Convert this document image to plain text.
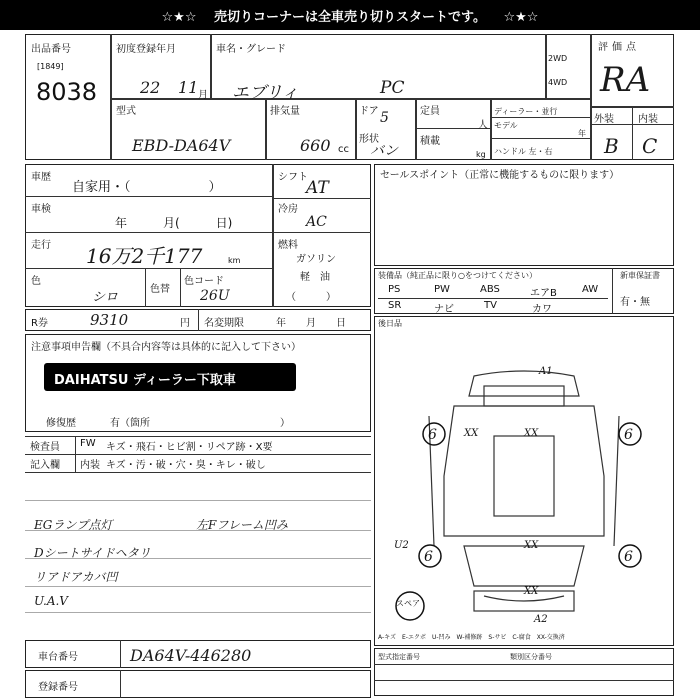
☆★☆　 売切りコーナーは全車売り切りスタートです。 　☆★☆
出品番号
[1849]
8038
初度登録年月
22 11 月
車名・グレード
エブリィ	PC
2WD
4WD
型式
EBD-DA64V
排気量
660 cc
ドア 5
形状
バン
定員
人
積載
kg
ディーラー・並行
モデル
年
ハンドル 左・右
評価点
RA
外装 内装
B C
車歴
自家用・（　　　　　　）
車検
年　　　月(　　　日)
走行 16万2千177	km
色
シロ
色替
色コード
26U
シフト
AT
冷房
AC
燃料
ガソリン
軽　油
（　　　）
R券	9310	円 名変期限	年　　月　　日
注意事項申告欄（不具合内容等は具体的に記入して下さい）
DAIHATSU ディーラー下取車
修復歴	有（箇所　　　　　　　　　　　　　）
検査員
記入欄
FW キズ・飛石・ヒビ割・リペア跡・X要
内装 キズ・汚・破・穴・臭・キレ・破し
EGランプ点灯	左Fフレーム凹み
Dシートサイドヘタリ
リアドアカバ凹
U.A.V
セールスポイント（正常に機能するものに限ります）
装備品（純正品に限り○をつけてください）	新車保証書
有・無
PS	PW	ABS	エアB	AW
SR	ナビ	TV	カワ
後日品
6	6
6	6
XX	XX
XX
XX
U2
A1
A2
スペア
A-キズ　E-エクボ　U-凹み　W-補修跡　S-サビ　C-腐食　XX-交換済
型式指定番号	類別区分番号
車台番号	DA64V-446280
登録番号
